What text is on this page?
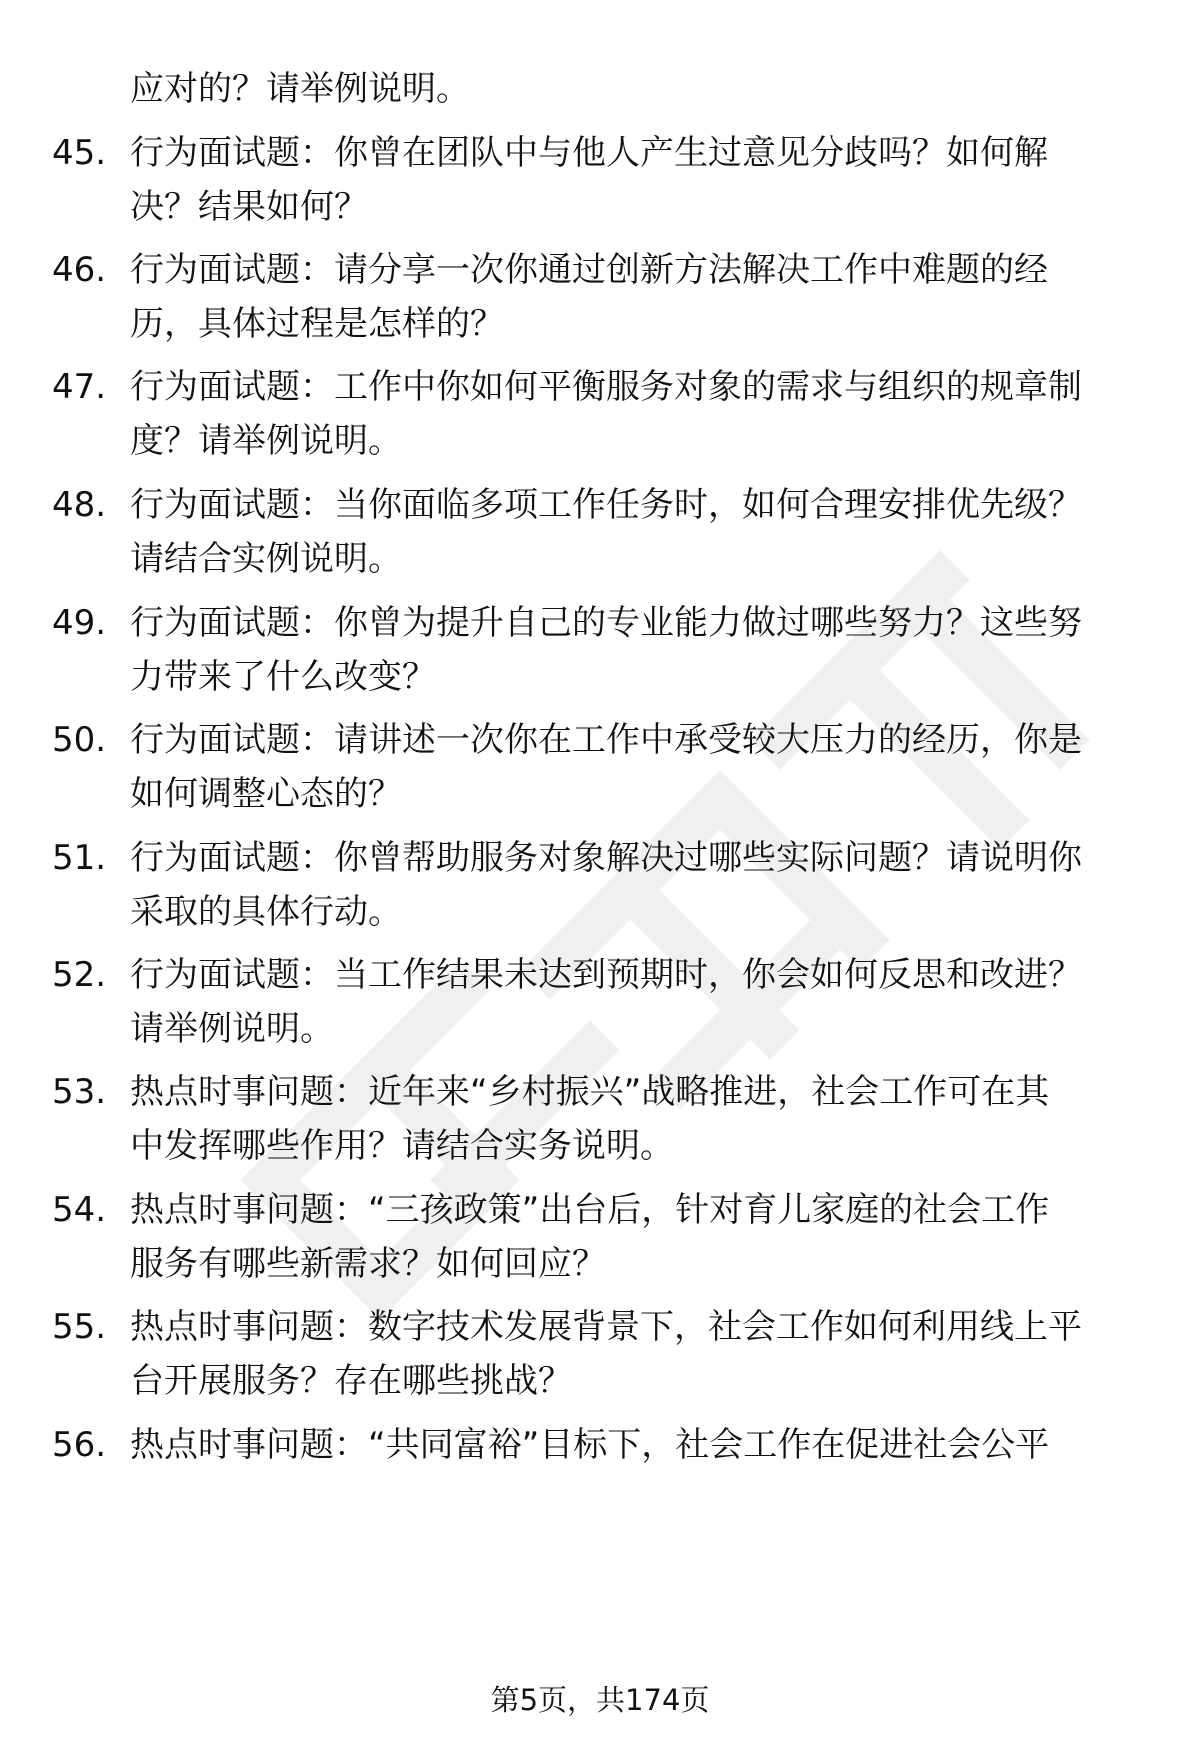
应对的？请举例说明。
45. 行为面试题：你曾在团队中与他人产生过意见分歧吗？如何解
决？结果如何？
46. 行为面试题：请分享一次你通过创新方法解决工作中难题的经
历，具体过程是怎样的？
47. 行为面试题：工作中你如何平衡服务对象的需求与组织的规章制
度？请举例说明。
48. 行为面试题：当你面临多项工作任务时，如何合理安排优先级？
请结合实例说明。
49. 行为面试题：你曾为提升自己的专业能力做过哪些努力？这些努
力带来了什么改变？
50. 行为面试题：请讲述一次你在工作中承受较大压力的经历，你是
如何调整心态的？
51. 行为面试题：你曾帮助服务对象解决过哪些实际问题？请说明你
采取的具体行动。
52. 行为面试题：当工作结果未达到预期时，你会如何反思和改进？
请举例说明。
53. 热点时事问题：近年来“乡村振兴”战略推进，社会工作可在其
中发挥哪些作用？请结合实务说明。
54. 热点时事问题：“三孩政策”出台后，针对育儿家庭的社会工作
服务有哪些新需求？如何回应？
55. 热点时事问题：数字技术发展背景下，社会工作如何利用线上平
台开展服务？存在哪些挑战？
56. 热点时事问题：“共同富裕”目标下，社会工作在促进社会公平
第5页，共174页
